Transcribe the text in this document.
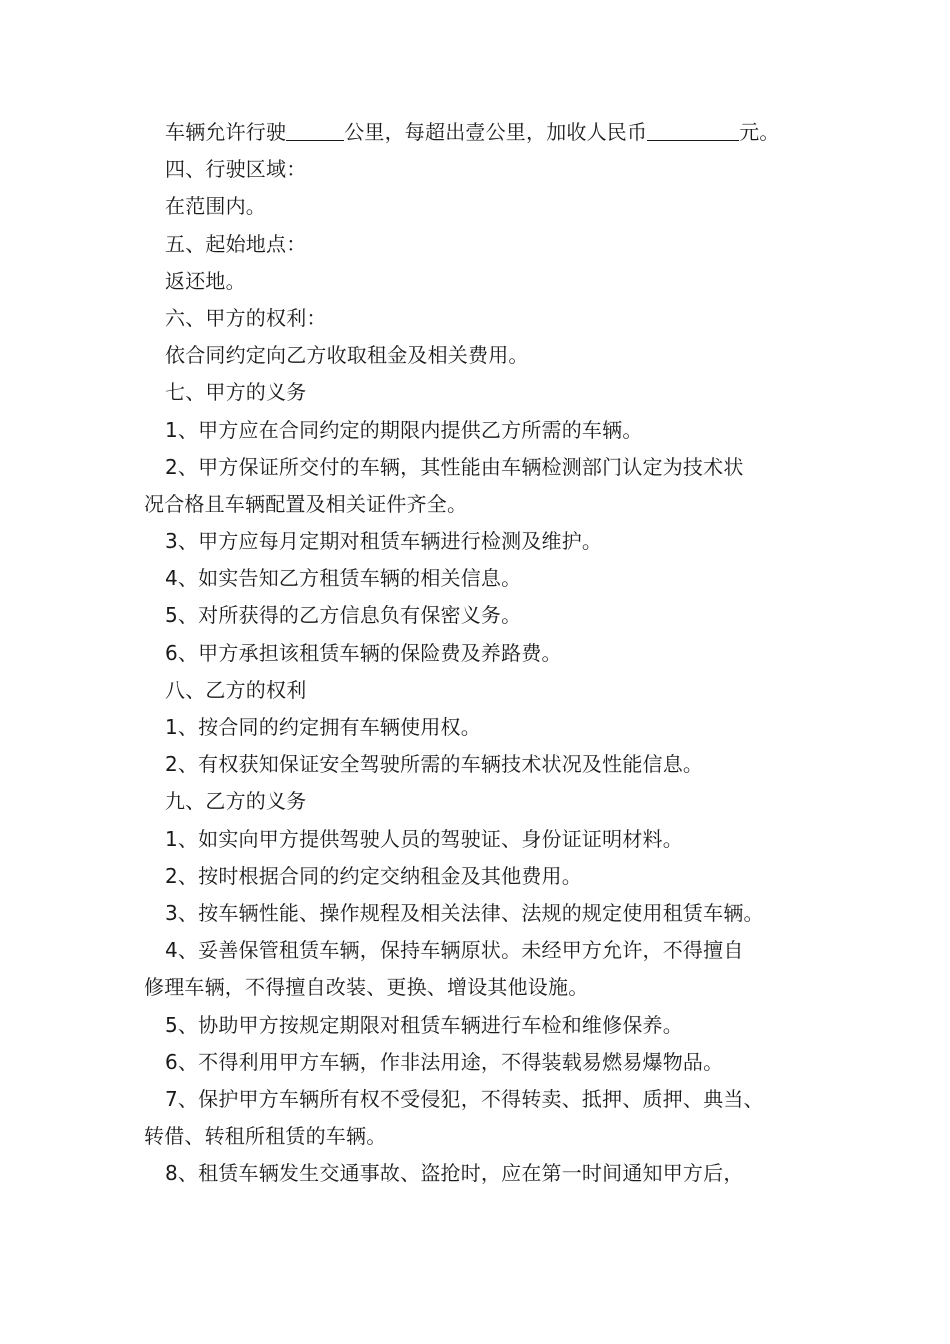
车辆允许行驶	公里，每超出壹公里，加收人民币	元。
四、行驶区域：
在范围内。
五、起始地点：
返还地。
六、甲方的权利：
依合同约定向乙方收取租金及相关费用。
七、甲方的义务
1、甲方应在合同约定的期限内提供乙方所需的车辆。
2、甲方保证所交付的车辆，其性能由车辆检测部门认定为技术状
况合格且车辆配置及相关证件齐全。
3、甲方应每月定期对租赁车辆进行检测及维护。
4、如实告知乙方租赁车辆的相关信息。
5、对所获得的乙方信息负有保密义务。
6、甲方承担该租赁车辆的保险费及养路费。
八、乙方的权利
1、按合同的约定拥有车辆使用权。
2、有权获知保证安全驾驶所需的车辆技术状况及性能信息。
九、乙方的义务
1、如实向甲方提供驾驶人员的驾驶证、身份证证明材料。
2、按时根据合同的约定交纳租金及其他费用。
3、按车辆性能、操作规程及相关法律、法规的规定使用租赁车辆。
4、妥善保管租赁车辆，保持车辆原状。未经甲方允许，不得擅自
修理车辆，不得擅自改装、更换、增设其他设施。
5、协助甲方按规定期限对租赁车辆进行车检和维修保养。
6、不得利用甲方车辆，作非法用途，不得装载易燃易爆物品。
7、保护甲方车辆所有权不受侵犯，不得转卖、抵押、质押、典当、
转借、转租所租赁的车辆。
8、租赁车辆发生交通事故、盗抢时，应在第一时间通知甲方后，
